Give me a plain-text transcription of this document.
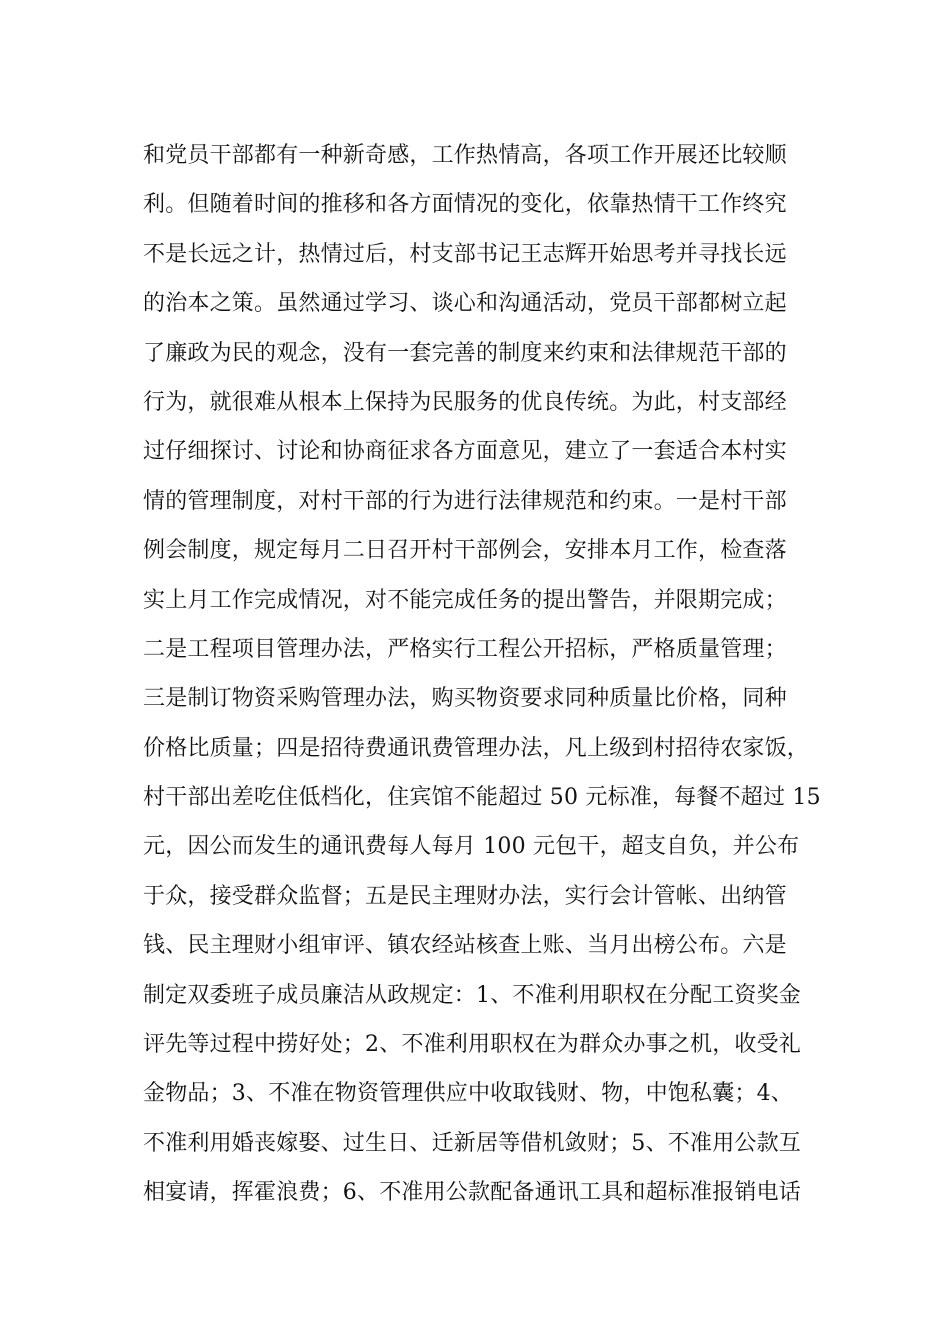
和党员干部都有一种新奇感，工作热情高，各项工作开展还比较顺
利。但随着时间的推移和各方面情况的变化，依靠热情干工作终究
不是长远之计，热情过后，村支部书记王志辉开始思考并寻找长远
的治本之策。虽然通过学习、谈心和沟通活动，党员干部都树立起
了廉政为民的观念，没有一套完善的制度来约束和法律规范干部的
行为，就很难从根本上保持为民服务的优良传统。为此，村支部经
过仔细探讨、讨论和协商征求各方面意见，建立了一套适合本村实
情的管理制度，对村干部的行为进行法律规范和约束。一是村干部
例会制度，规定每月二日召开村干部例会，安排本月工作，检查落
实上月工作完成情况，对不能完成任务的提出警告，并限期完成；
二是工程项目管理办法，严格实行工程公开招标，严格质量管理；
三是制订物资采购管理办法，购买物资要求同种质量比价格，同种
价格比质量；四是招待费通讯费管理办法，凡上级到村招待农家饭，
村干部出差吃住低档化，住宾馆不能超过 50 元标准，每餐不超过 15
元，因公而发生的通讯费每人每月 100 元包干，超支自负，并公布
于众，接受群众监督；五是民主理财办法，实行会计管帐、出纳管
钱、民主理财小组审评、镇农经站核查上账、当月出榜公布。六是
制定双委班子成员廉洁从政规定：1、不准利用职权在分配工资奖金
评先等过程中捞好处；2、不准利用职权在为群众办事之机，收受礼
金物品；3、不准在物资管理供应中收取钱财、物，中饱私囊；4、
不准利用婚丧嫁娶、过生日、迁新居等借机敛财；5、不准用公款互
相宴请，挥霍浪费；6、不准用公款配备通讯工具和超标准报销电话
